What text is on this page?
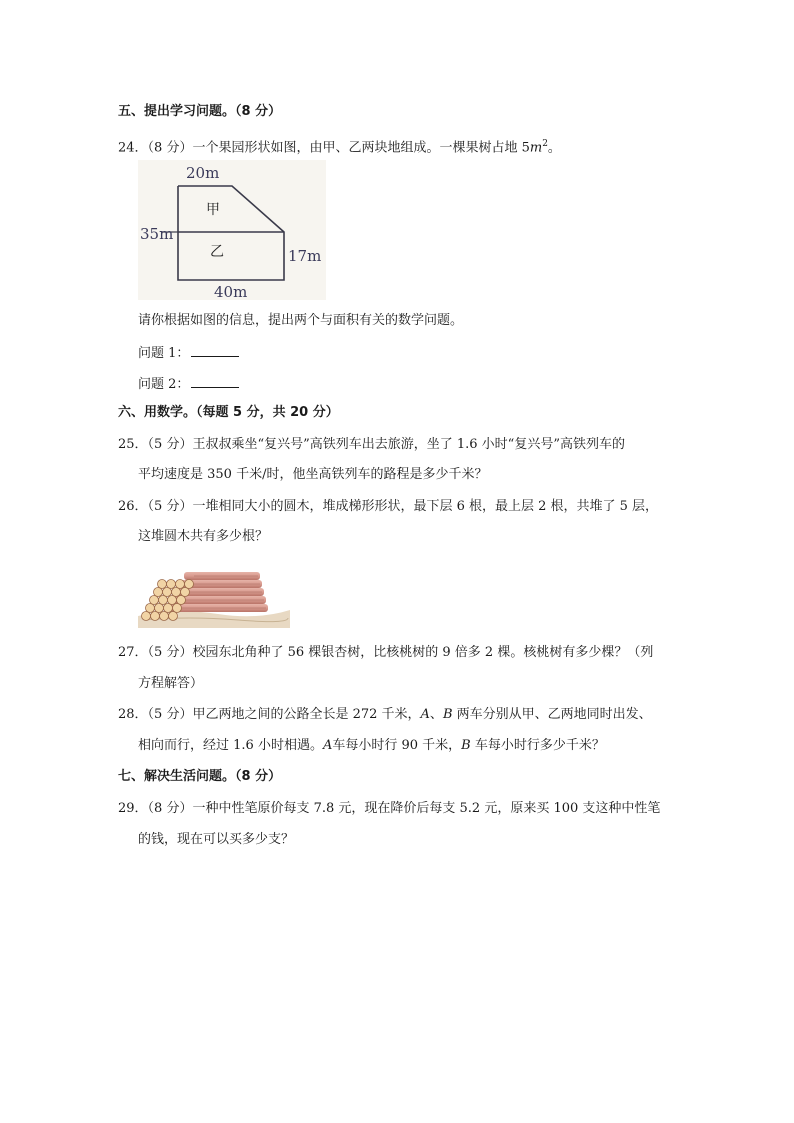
五、提出学习问题。（8 分）
24．（8 分）一个果园形状如图，由甲、乙两块地组成。一棵果树占地 $5m^2$。
20m
35m
17m
40m
甲
乙
请你根据如图的信息，提出两个与面积有关的数学问题。
问题 1：
问题 2：
六、用数学。（每题 5 分，共 20 分）
25．（5 分）王叔叔乘坐“复兴号”高铁列车出去旅游，坐了 1.6 小时“复兴号”高铁列车的
平均速度是 350 千米/时，他坐高铁列车的路程是多少千米？
26．（5 分）一堆相同大小的圆木，堆成梯形形状，最下层 6 根，最上层 2 根，共堆了 5 层，
这堆圆木共有多少根？
27．（5 分）校园东北角种了 56 棵银杏树，比核桃树的 9 倍多 2 棵。核桃树有多少棵？（列
方程解答）
28．（5 分）甲乙两地之间的公路全长是 272 千米，A、B 两车分别从甲、乙两地同时出发、
相向而行，经过 1.6 小时相遇。A车每小时行 90 千米，B 车每小时行多少千米？
七、解决生活问题。（8 分）
29．（8 分）一种中性笔原价每支 7.8 元，现在降价后每支 5.2 元，原来买 100 支这种中性笔
的钱，现在可以买多少支？
